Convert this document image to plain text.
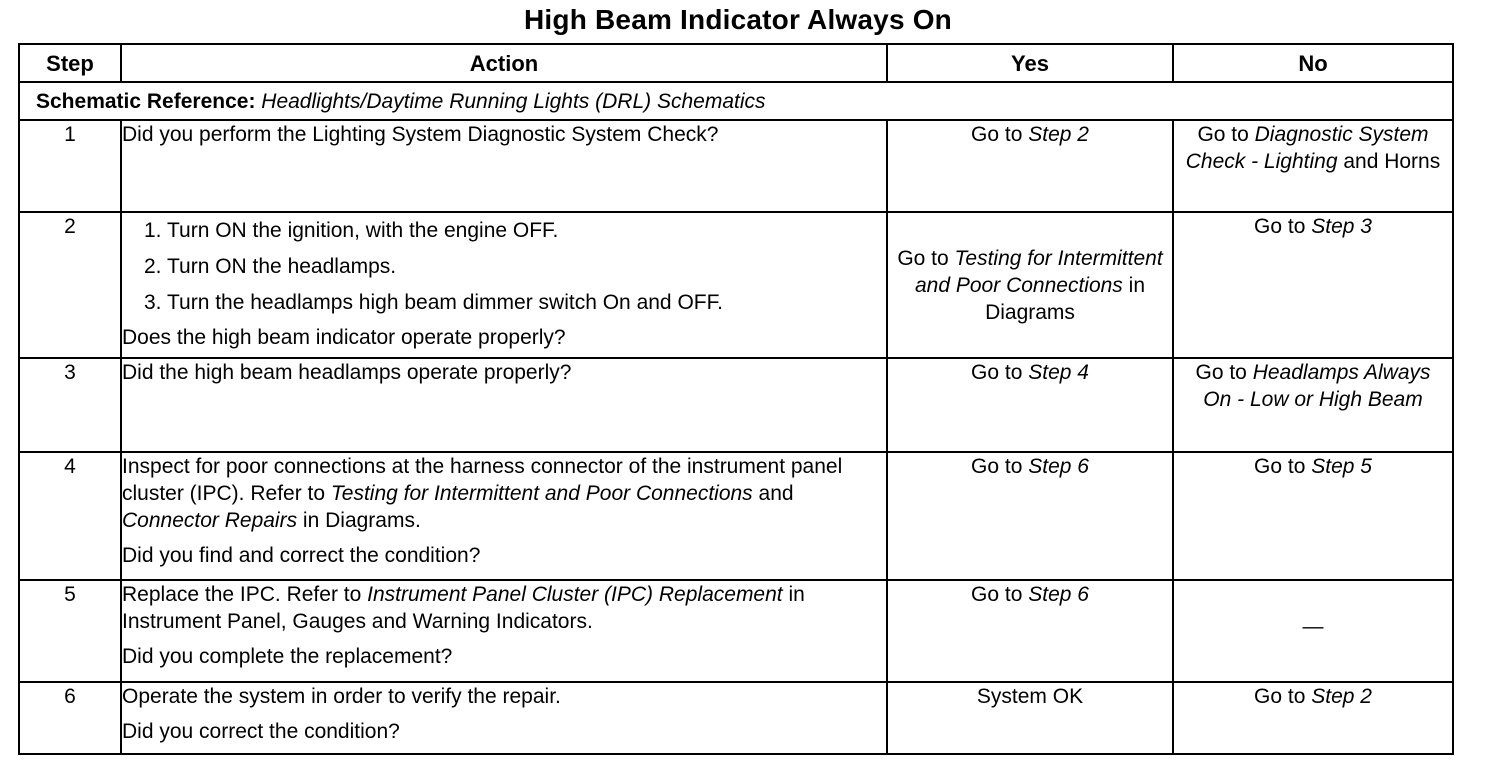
High Beam Indicator Always On
Step	Action	Yes	No
Schematic Reference: Headlights/Daytime Running Lights (DRL) Schematics			
1	Did you perform the Lighting System Diagnostic System Check?	Go to Step 2	Go to Diagnostic System Check - Lighting and Horns

2	1. Turn ON the ignition, with the engine OFF.
2. Turn ON the headlamps.
3. Turn the headlamps high beam dimmer switch On and OFF.
Does the high beam indicator operate properly?	Go to Testing for Intermittent and Poor Connections in Diagrams	Go to Step 3

3	Did the high beam headlamps operate properly?	Go to Step 4	Go to Headlamps Always On - Low or High Beam

4	Inspect for poor connections at the harness connector of the instrument panel cluster (IPC). Refer to Testing for Intermittent and Poor Connections and Connector Repairs in Diagrams.
Did you find and correct the condition?	Go to Step 6	Go to Step 5

5	Replace the IPC. Refer to Instrument Panel Cluster (IPC) Replacement in Instrument Panel, Gauges and Warning Indicators.
Did you complete the replacement?	Go to Step 6	—

6	Operate the system in order to verify the repair.
Did you correct the condition?	System OK	Go to Step 2
